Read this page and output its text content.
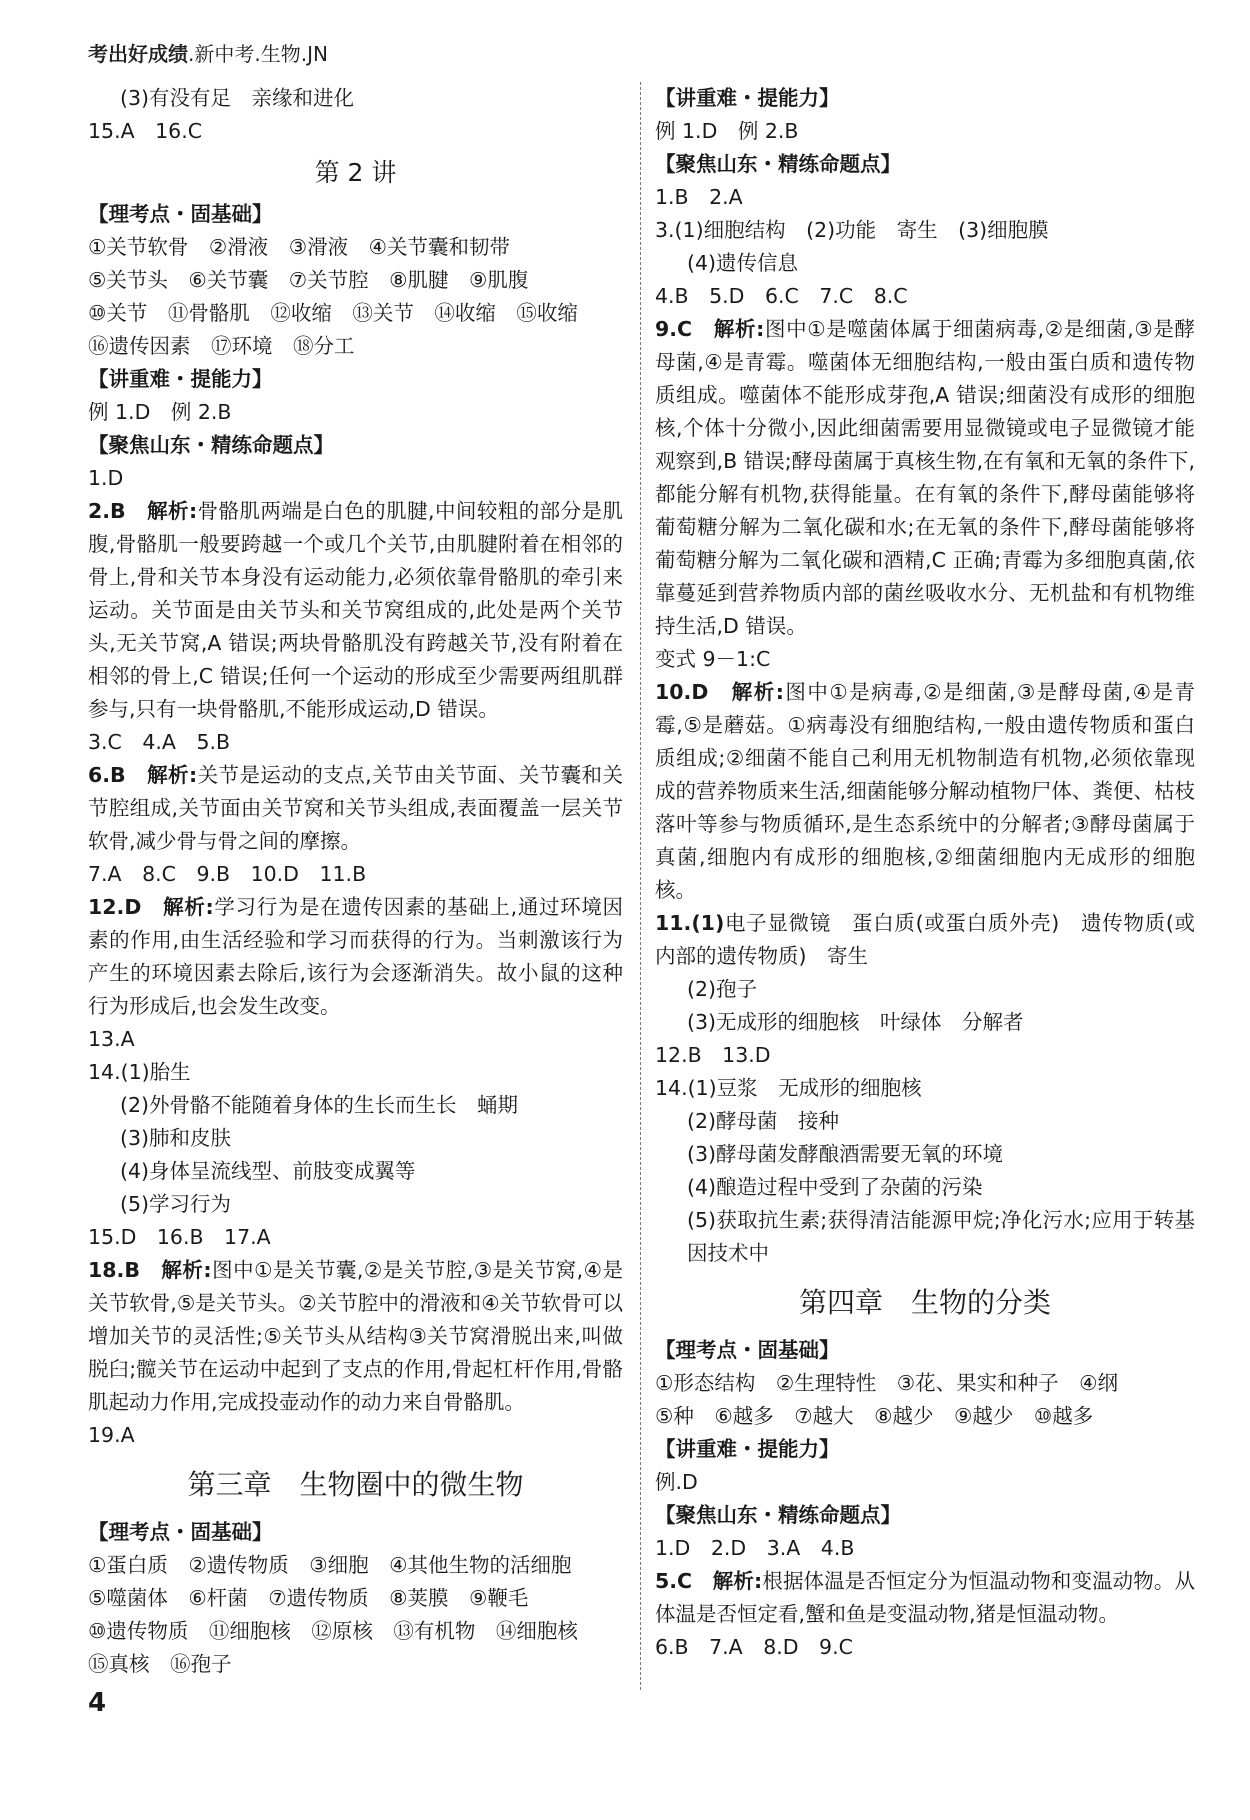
考出好成绩.新中考.生物.JN
(3)有没有足　亲缘和进化
15.A　16.C
第 2 讲
【理考点・固基础】
①关节软骨　②滑液　③滑液　④关节囊和韧带
⑤关节头　⑥关节囊　⑦关节腔　⑧肌腱　⑨肌腹
⑩关节　⑪骨骼肌　⑫收缩　⑬关节　⑭收缩　⑮收缩
⑯遗传因素　⑰环境　⑱分工
【讲重难・提能力】
例 1.D　例 2.B
【聚焦山东・精练命题点】
1.D
2.B　解析:骨骼肌两端是白色的肌腱,中间较粗的部分是肌腹,骨骼肌一般要跨越一个或几个关节,由肌腱附着在相邻的骨上,骨和关节本身没有运动能力,必须依靠骨骼肌的牵引来运动。关节面是由关节头和关节窝组成的,此处是两个关节头,无关节窝,A 错误;两块骨骼肌没有跨越关节,没有附着在相邻的骨上,C 错误;任何一个运动的形成至少需要两组肌群参与,只有一块骨骼肌,不能形成运动,D 错误。
3.C　4.A　5.B
6.B　解析:关节是运动的支点,关节由关节面、关节囊和关节腔组成,关节面由关节窝和关节头组成,表面覆盖一层关节软骨,减少骨与骨之间的摩擦。
7.A　8.C　9.B　10.D　11.B
12.D　解析:学习行为是在遗传因素的基础上,通过环境因素的作用,由生活经验和学习而获得的行为。当刺激该行为产生的环境因素去除后,该行为会逐渐消失。故小鼠的这种行为形成后,也会发生改变。
13.A
14.(1)胎生
(2)外骨骼不能随着身体的生长而生长　蛹期
(3)肺和皮肤
(4)身体呈流线型、前肢变成翼等
(5)学习行为
15.D　16.B　17.A
18.B　解析:图中①是关节囊,②是关节腔,③是关节窝,④是关节软骨,⑤是关节头。②关节腔中的滑液和④关节软骨可以增加关节的灵活性;⑤关节头从结构③关节窝滑脱出来,叫做脱臼;髋关节在运动中起到了支点的作用,骨起杠杆作用,骨骼肌起动力作用,完成投壶动作的动力来自骨骼肌。
19.A
第三章　生物圈中的微生物
【理考点・固基础】
①蛋白质　②遗传物质　③细胞　④其他生物的活细胞
⑤噬菌体　⑥杆菌　⑦遗传物质　⑧荚膜　⑨鞭毛
⑩遗传物质　⑪细胞核　⑫原核　⑬有机物　⑭细胞核
⑮真核　⑯孢子
【讲重难・提能力】
例 1.D　例 2.B
【聚焦山东・精练命题点】
1.B　2.A
3.(1)细胞结构　(2)功能　寄生　(3)细胞膜
(4)遗传信息
4.B　5.D　6.C　7.C　8.C
9.C　解析:图中①是噬菌体属于细菌病毒,②是细菌,③是酵母菌,④是青霉。噬菌体无细胞结构,一般由蛋白质和遗传物质组成。噬菌体不能形成芽孢,A 错误;细菌没有成形的细胞核,个体十分微小,因此细菌需要用显微镜或电子显微镜才能观察到,B 错误;酵母菌属于真核生物,在有氧和无氧的条件下,都能分解有机物,获得能量。在有氧的条件下,酵母菌能够将葡萄糖分解为二氧化碳和水;在无氧的条件下,酵母菌能够将葡萄糖分解为二氧化碳和酒精,C 正确;青霉为多细胞真菌,依靠蔓延到营养物质内部的菌丝吸收水分、无机盐和有机物维持生活,D 错误。
变式 9－1:C
10.D　解析:图中①是病毒,②是细菌,③是酵母菌,④是青霉,⑤是蘑菇。①病毒没有细胞结构,一般由遗传物质和蛋白质组成;②细菌不能自己利用无机物制造有机物,必须依靠现成的营养物质来生活,细菌能够分解动植物尸体、粪便、枯枝落叶等参与物质循环,是生态系统中的分解者;③酵母菌属于真菌,细胞内有成形的细胞核,②细菌细胞内无成形的细胞核。
11.(1)电子显微镜　蛋白质(或蛋白质外壳)　遗传物质(或内部的遗传物质)　寄生
(2)孢子
(3)无成形的细胞核　叶绿体　分解者
12.B　13.D
14.(1)豆浆　无成形的细胞核
(2)酵母菌　接种
(3)酵母菌发酵酿酒需要无氧的环境
(4)酿造过程中受到了杂菌的污染
(5)获取抗生素;获得清洁能源甲烷;净化污水;应用于转基因技术中
第四章　生物的分类
【理考点・固基础】
①形态结构　②生理特性　③花、果实和种子　④纲
⑤种　⑥越多　⑦越大　⑧越少　⑨越少　⑩越多
【讲重难・提能力】
例.D
【聚焦山东・精练命题点】
1.D　2.D　3.A　4.B
5.C　解析:根据体温是否恒定分为恒温动物和变温动物。从体温是否恒定看,蟹和鱼是变温动物,猪是恒温动物。
6.B　7.A　8.D　9.C
4
